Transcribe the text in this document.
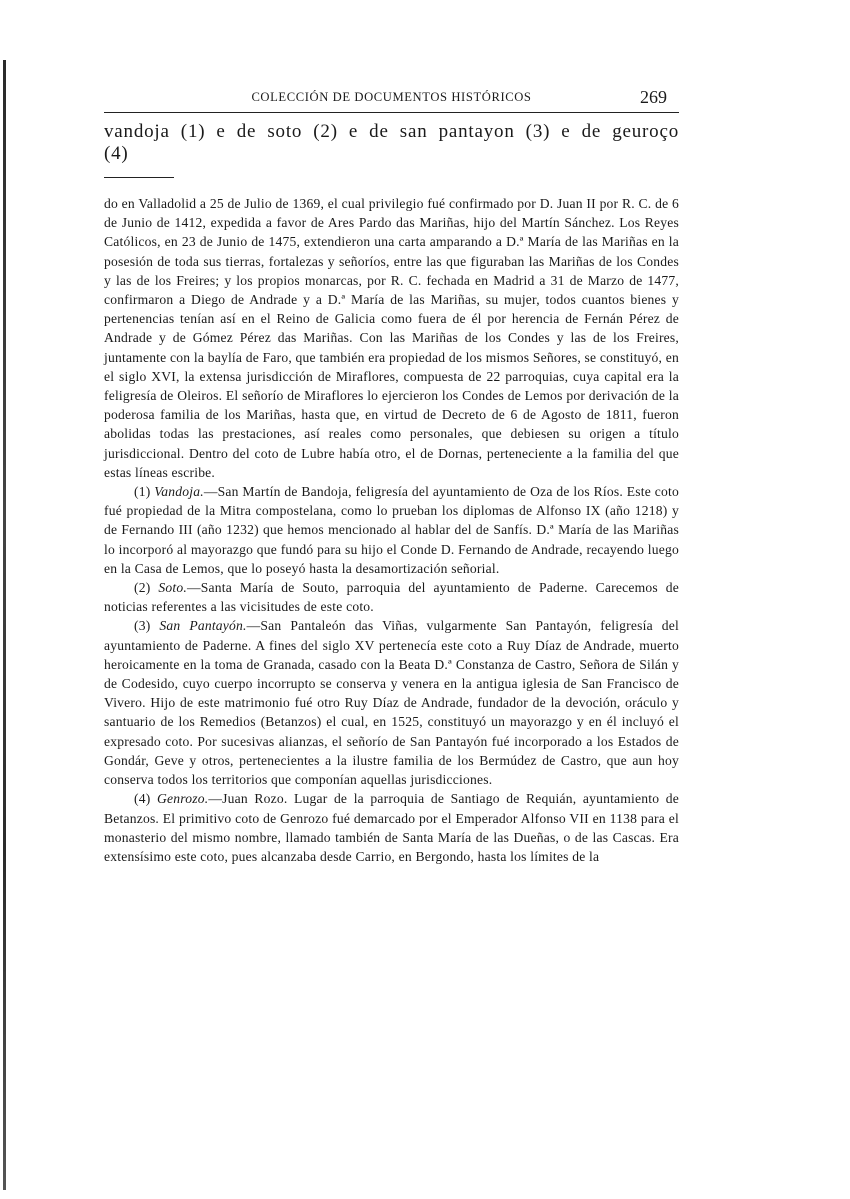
COLECCIÓN DE DOCUMENTOS HISTÓRICOS	269
vandoja (1) e de soto (2) e de san pantayon (3) e de geuroço (4)

do en Valladolid a 25 de Julio de 1369, el cual privilegio fué confirmado por D. Juan II por R. C. de 6 de Junio de 1412, expedida a favor de Ares Pardo das Mariñas, hijo del Martín Sánchez. Los Reyes Católicos, en 23 de Junio de 1475, extendieron una carta amparando a D.ª María de las Mariñas en la posesión de toda sus tierras, fortalezas y señoríos, entre las que figuraban las Mariñas de los Condes y las de los Freires; y los propios monarcas, por R. C. fechada en Madrid a 31 de Marzo de 1477, confirmaron a Diego de Andrade y a D.ª María de las Mariñas, su mujer, todos cuantos bienes y pertenencias tenían así en el Reino de Galicia como fuera de él por herencia de Fernán Pérez de Andrade y de Gómez Pérez das Mariñas. Con las Mariñas de los Condes y las de los Freires, juntamente con la baylía de Faro, que también era propiedad de los mismos Señores, se constituyó, en el siglo XVI, la extensa jurisdicción de Miraflores, compuesta de 22 parroquias, cuya capital era la feligresía de Oleiros. El señorío de Miraflores lo ejercieron los Condes de Lemos por derivación de la poderosa familia de los Mariñas, hasta que, en virtud de Decreto de 6 de Agosto de 1811, fueron abolidas todas las prestaciones, así reales como personales, que debiesen su origen a título jurisdiccional. Dentro del coto de Lubre había otro, el de Dornas, perteneciente a la familia del que estas líneas escribe.

(1) Vandoja.—San Martín de Bandoja, feligresía del ayuntamiento de Oza de los Ríos. Este coto fué propiedad de la Mitra compostelana, como lo prueban los diplomas de Alfonso IX (año 1218) y de Fernando III (año 1232) que hemos mencionado al hablar del de Sanfís. D.ª María de las Mariñas lo incorporó al mayorazgo que fundó para su hijo el Conde D. Fernando de Andrade, recayendo luego en la Casa de Lemos, que lo poseyó hasta la desamortización señorial.

(2) Soto.—Santa María de Souto, parroquia del ayuntamiento de Paderne. Carecemos de noticias referentes a las vicisitudes de este coto.

(3) San Pantayón.—San Pantaleón das Viñas, vulgarmente San Pantayón, feligresía del ayuntamiento de Paderne. A fines del siglo XV pertenecía este coto a Ruy Díaz de Andrade, muerto heroicamente en la toma de Granada, casado con la Beata D.ª Constanza de Castro, Señora de Silán y de Codesido, cuyo cuerpo incorrupto se conserva y venera en la antigua iglesia de San Francisco de Vivero. Hijo de este matrimonio fué otro Ruy Díaz de Andrade, fundador de la devoción, oráculo y santuario de los Remedios (Betanzos) el cual, en 1525, constituyó un mayorazgo y en él incluyó el expresado coto. Por sucesivas alianzas, el señorío de San Pantayón fué incorporado a los Estados de Gondár, Geve y otros, pertenecientes a la ilustre familia de los Bermúdez de Castro, que aun hoy conserva todos los territorios que componían aquellas jurisdicciones.

(4) Genrozo.—Juan Rozo. Lugar de la parroquia de Santiago de Requián, ayuntamiento de Betanzos. El primitivo coto de Genrozo fué demarcado por el Emperador Alfonso VII en 1138 para el monasterio del mismo nombre, llamado también de Santa María de las Dueñas, o de las Cascas. Era extensísimo este coto, pues alcanzaba desde Carrio, en Bergondo, hasta los límites de la
